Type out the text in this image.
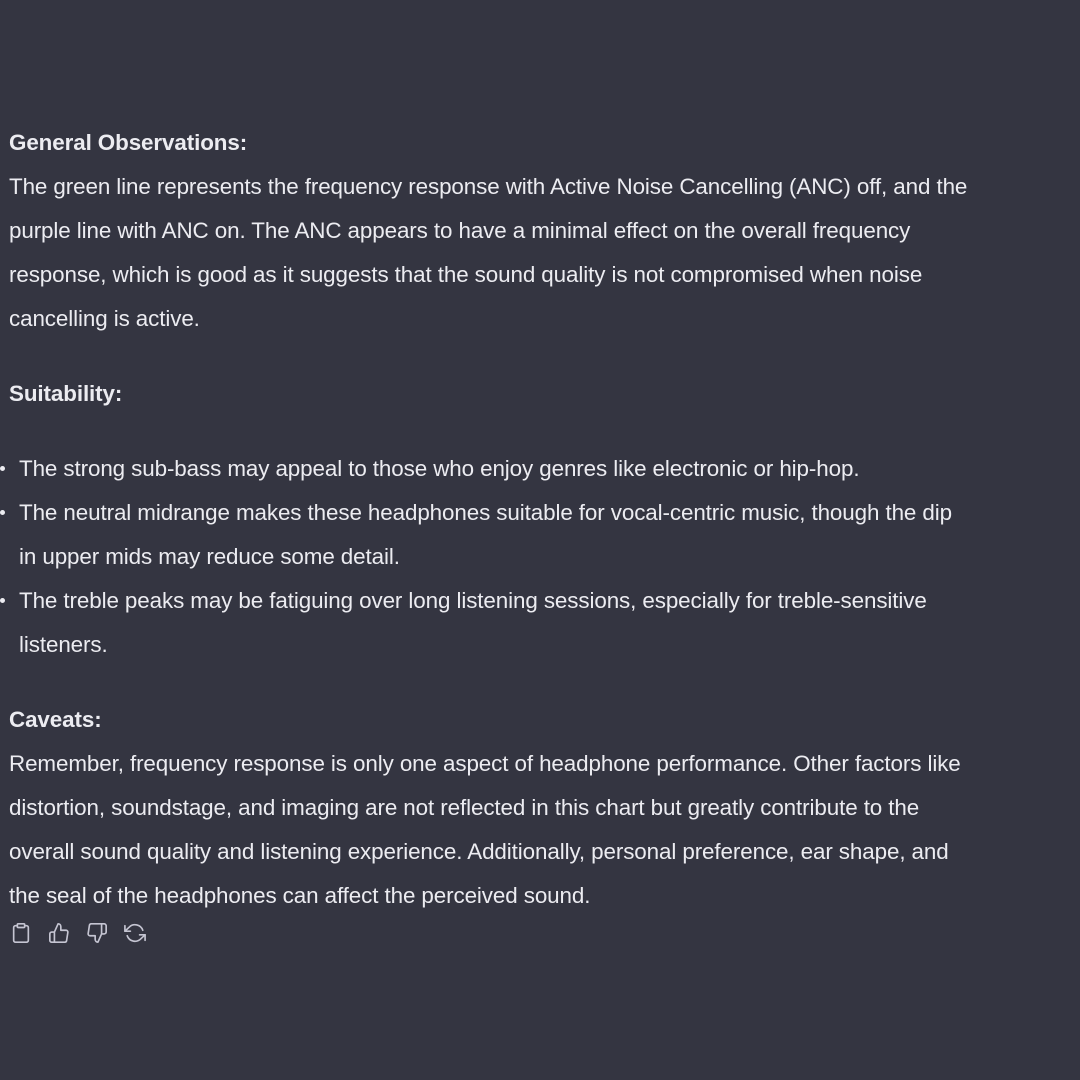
General Observations:

The green line represents the frequency response with Active Noise Cancelling (ANC) off, and the

purple line with ANC on. The ANC appears to have a minimal effect on the overall frequency

response, which is good as it suggests that the sound quality is not compromised when noise

cancelling is active.

Suitability:

The strong sub-bass may appeal to those who enjoy genres like electronic or hip-hop.

The neutral midrange makes these headphones suitable for vocal-centric music, though the dip

in upper mids may reduce some detail.

The treble peaks may be fatiguing over long listening sessions, especially for treble-sensitive

listeners.

Caveats:

Remember, frequency response is only one aspect of headphone performance. Other factors like

distortion, soundstage, and imaging are not reflected in this chart but greatly contribute to the

overall sound quality and listening experience. Additionally, personal preference, ear shape, and

the seal of the headphones can affect the perceived sound.
